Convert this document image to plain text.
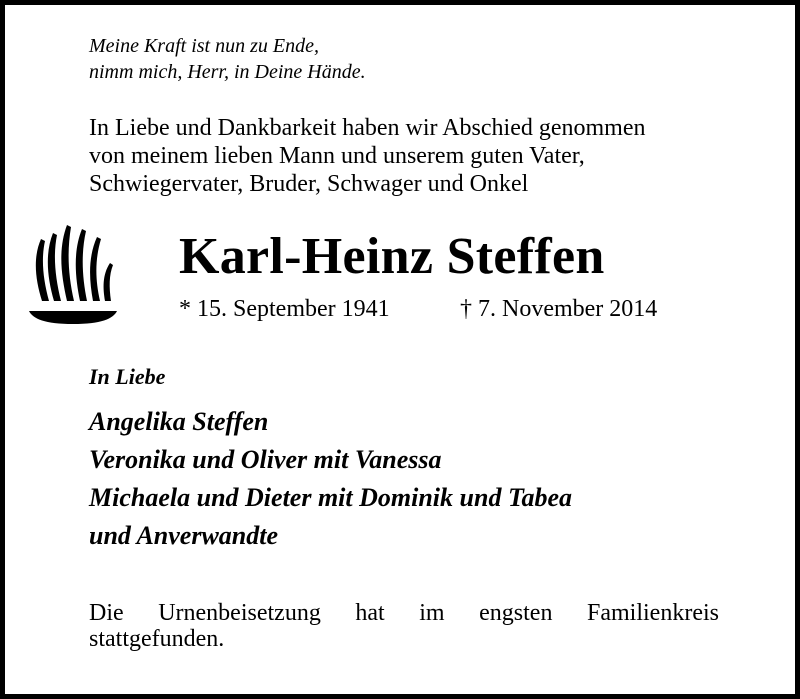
Meine Kraft ist nun zu Ende,
nimm mich, Herr, in Deine Hände.
In Liebe und Dankbarkeit haben wir Abschied genommen
von meinem lieben Mann und unserem guten Vater,
Schwiegervater, Bruder, Schwager und Onkel
Karl-Heinz Steffen
* 15. September 1941	† 7. November 2014
In Liebe
Angelika Steffen
Veronika und Oliver mit Vanessa
Michaela und Dieter mit Dominik und Tabea
und Anverwandte
Die Urnenbeisetzung hat im engsten Familienkreis
stattgefunden.
